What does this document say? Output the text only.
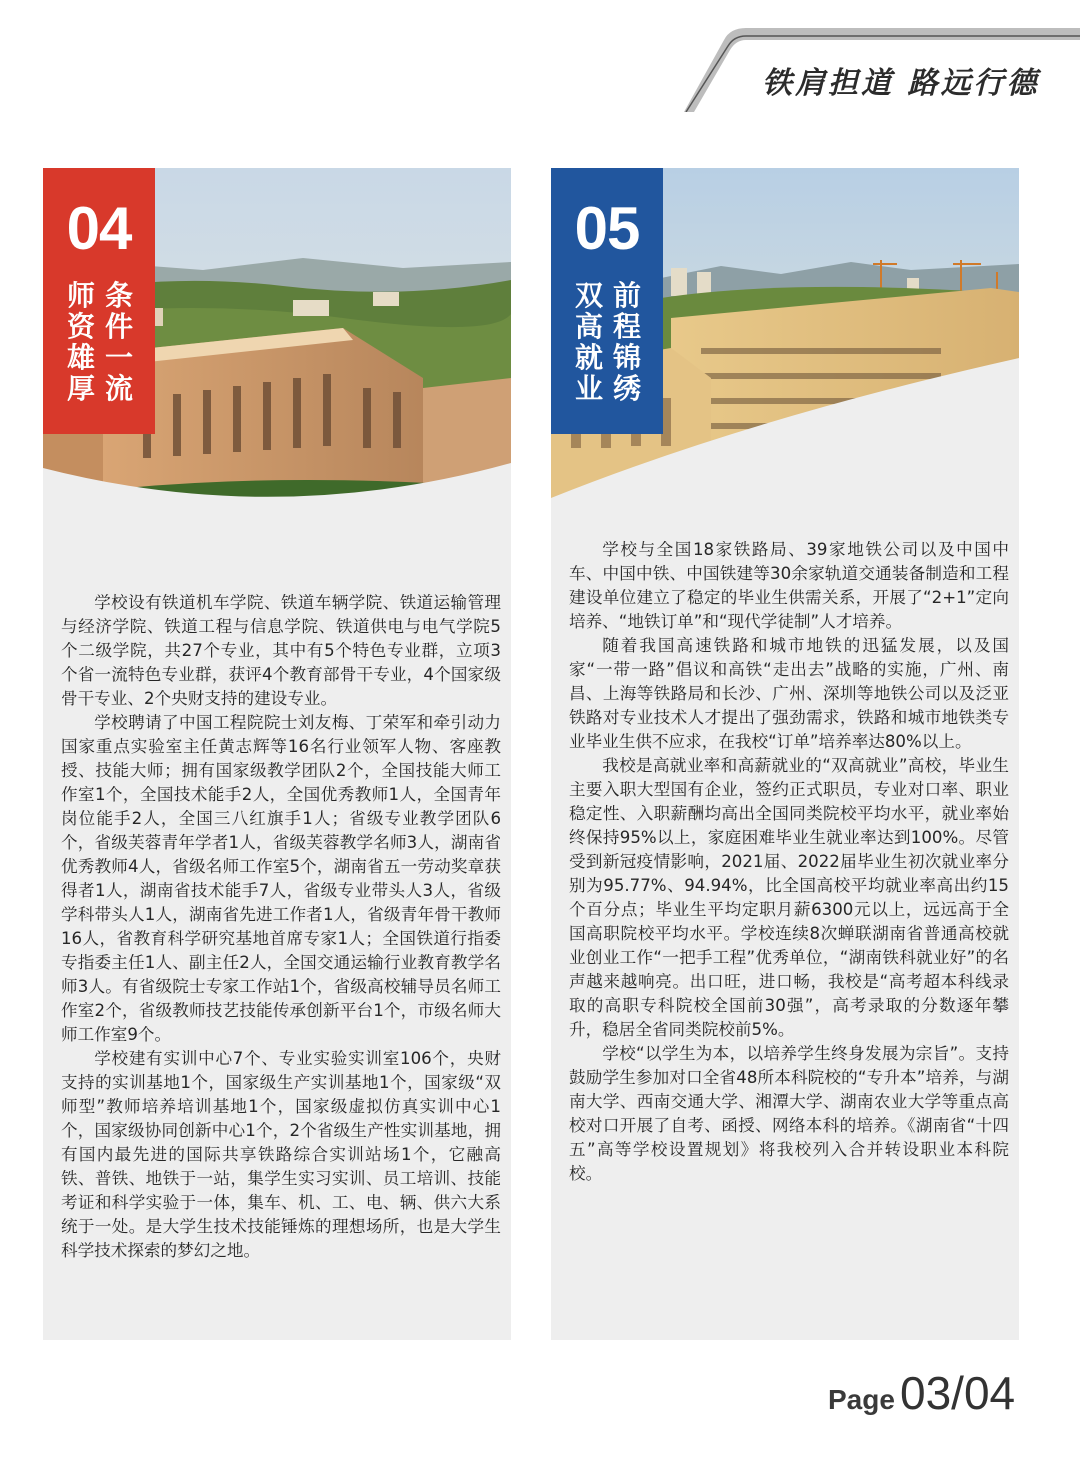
铁肩担道 路远行德
04
条
件
一
流
师
资
雄
厚

学校设有铁道机车学院、铁道车辆学院、铁道运输管理与经济学院、铁道工程与信息学院、铁道供电与电气学院5个二级学院，共27个专业，其中有5个特色专业群，立项3个省一流特色专业群，获评4个教育部骨干专业，4个国家级骨干专业、2个央财支持的建设专业。

学校聘请了中国工程院院士刘友梅、丁荣军和牵引动力国家重点实验室主任黄志辉等16名行业领军人物、客座教授、技能大师；拥有国家级教学团队2个，全国技能大师工作室1个，全国技术能手2人，全国优秀教师1人，全国青年岗位能手2人，全国三八红旗手1人；省级专业教学团队6个，省级芙蓉青年学者1人，省级芙蓉教学名师3人，湖南省优秀教师4人，省级名师工作室5个，湖南省五一劳动奖章获得者1人，湖南省技术能手7人，省级专业带头人3人，省级学科带头人1人，湖南省先进工作者1人，省级青年骨干教师16人，省教育科学研究基地首席专家1人；全国铁道行指委专指委主任1人、副主任2人，全国交通运输行业教育教学名师3人。有省级院士专家工作站1个，省级高校辅导员名师工作室2个，省级教师技艺技能传承创新平台1个，市级名师大师工作室9个。

学校建有实训中心7个、专业实验实训室106个，央财支持的实训基地1个，国家级生产实训基地1个，国家级“双师型”教师培养培训基地1个，国家级虚拟仿真实训中心1个，国家级协同创新中心1个，2个省级生产性实训基地，拥有国内最先进的国际共享铁路综合实训站场1个，它融高铁、普铁、地铁于一站，集学生实习实训、员工培训、技能考证和科学实验于一体，集车、机、工、电、辆、供六大系统于一处。是大学生技术技能锤炼的理想场所，也是大学生科学技术探索的梦幻之地。

05
前
程
锦
绣
双
高
就
业

学校与全国18家铁路局、39家地铁公司以及中国中车、中国中铁、中国铁建等30余家轨道交通装备制造和工程建设单位建立了稳定的毕业生供需关系，开展了“2+1”定向培养、“地铁订单”和“现代学徒制”人才培养。

随着我国高速铁路和城市地铁的迅猛发展，以及国家“一带一路”倡议和高铁“走出去”战略的实施，广州、南昌、上海等铁路局和长沙、广州、深圳等地铁公司以及泛亚铁路对专业技术人才提出了强劲需求，铁路和城市地铁类专业毕业生供不应求，在我校“订单”培养率达80%以上。

我校是高就业率和高薪就业的“双高就业”高校，毕业生主要入职大型国有企业，签约正式职员，专业对口率、职业稳定性、入职薪酬均高出全国同类院校平均水平，就业率始终保持95%以上，家庭困难毕业生就业率达到100%。尽管受到新冠疫情影响，2021届、2022届毕业生初次就业率分别为95.77%、94.94%，比全国高校平均就业率高出约15个百分点；毕业生平均定职月薪6300元以上，远远高于全国高职院校平均水平。学校连续8次蝉联湖南省普通高校就业创业工作“一把手工程”优秀单位，“湖南铁科就业好”的名声越来越响亮。出口旺，进口畅，我校是“高考超本科线录取的高职专科院校全国前30强”，高考录取的分数逐年攀升，稳居全省同类院校前5%。

学校“以学生为本，以培养学生终身发展为宗旨”。支持鼓励学生参加对口全省48所本科院校的“专升本”培养，与湖南大学、西南交通大学、湘潭大学、湖南农业大学等重点高校对口开展了自考、函授、网络本科的培养。《湖南省“十四五”高等学校设置规划》将我校列入合并转设职业本科院校。

Page 03/04
